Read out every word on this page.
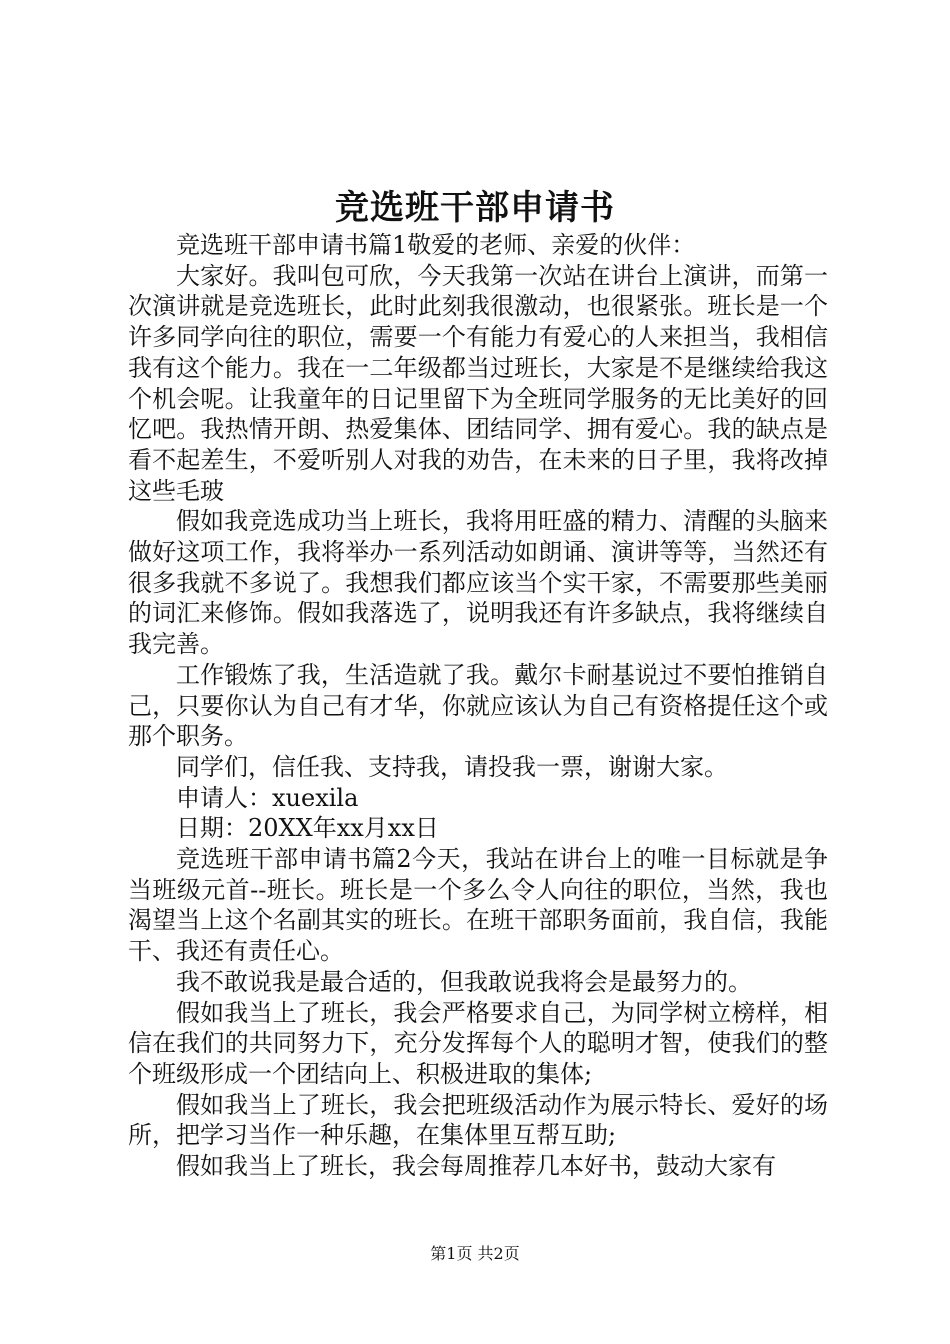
竞选班干部申请书

竞选班干部申请书篇1敬爱的老师、亲爱的伙伴：

大家好。我叫包可欣，今天我第一次站在讲台上演讲，而第一次演讲就是竞选班长，此时此刻我很激动，也很紧张。班长是一个许多同学向往的职位，需要一个有能力有爱心的人来担当，我相信我有这个能力。我在一二年级都当过班长，大家是不是继续给我这个机会呢。让我童年的日记里留下为全班同学服务的无比美好的回忆吧。我热情开朗、热爱集体、团结同学、拥有爱心。我的缺点是看不起差生，不爱听别人对我的劝告，在未来的日子里，我将改掉这些毛玻

假如我竞选成功当上班长，我将用旺盛的精力、清醒的头脑来做好这项工作，我将举办一系列活动如朗诵、演讲等等，当然还有很多我就不多说了。我想我们都应该当个实干家，不需要那些美丽的词汇来修饰。假如我落选了，说明我还有许多缺点，我将继续自我完善。

工作锻炼了我，生活造就了我。戴尔卡耐基说过不要怕推销自己，只要你认为自己有才华，你就应该认为自己有资格提任这个或那个职务。

同学们，信任我、支持我，请投我一票，谢谢大家。

申请人：xuexila

日期：20XX年xx月xx日

竞选班干部申请书篇2今天，我站在讲台上的唯一目标就是争当班级元首--班长。班长是一个多么令人向往的职位，当然，我也渴望当上这个名副其实的班长。在班干部职务面前，我自信，我能干、我还有责任心。

我不敢说我是最合适的，但我敢说我将会是最努力的。

假如我当上了班长，我会严格要求自己，为同学树立榜样，相信在我们的共同努力下，充分发挥每个人的聪明才智，使我们的整个班级形成一个团结向上、积极进取的集体;

假如我当上了班长，我会把班级活动作为展示特长、爱好的场所，把学习当作一种乐趣，在集体里互帮互助;

假如我当上了班长，我会每周推荐几本好书，鼓动大家有

第1页 共2页
